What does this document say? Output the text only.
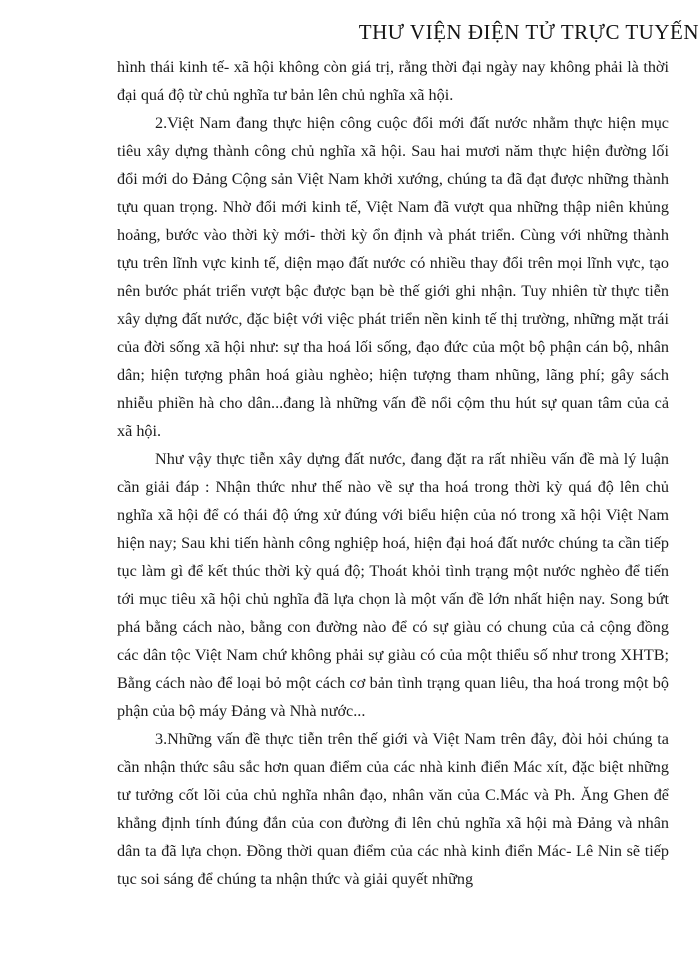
THƯ VIỆN ĐIỆN TỬ TRỰC TUYẾN

hình thái kinh tế- xã hội không còn giá trị, rằng thời đại ngày nay không phải là thời đại quá độ từ chủ nghĩa tư bản lên chủ nghĩa xã hội.

2.Việt Nam đang thực hiện công cuộc đổi mới đất nước nhằm thực hiện mục tiêu xây dựng thành công chủ nghĩa xã hội. Sau hai mươi năm thực hiện đường lối đổi mới do Đảng Cộng sản Việt Nam khởi xướng, chúng ta đã đạt được những thành tựu quan trọng. Nhờ đổi mới kinh tế, Việt Nam đã vượt qua những thập niên khủng hoảng, bước vào thời kỳ mới- thời kỳ ổn định và phát triển. Cùng với những thành tựu trên lĩnh vực kinh tế, diện mạo đất nước có nhiều thay đổi trên mọi lĩnh vực, tạo nên bước phát triển vượt bậc được bạn bè thế giới ghi nhận. Tuy nhiên từ thực tiễn xây dựng đất nước, đặc biệt với việc phát triển nền kinh tế thị trường, những mặt trái của đời sống xã hội như: sự tha hoá lối sống, đạo đức của một bộ phận cán bộ, nhân dân; hiện tượng phân hoá giàu nghèo; hiện tượng tham nhũng, lãng phí; gây sách nhiễu phiền hà cho dân...đang là những vấn đề nổi cộm thu hút sự quan tâm của cả xã hội.

Như vậy thực tiễn xây dựng đất nước, đang đặt ra rất nhiều vấn đề mà lý luận cần giải đáp : Nhận thức như thế nào về sự tha hoá trong thời kỳ quá độ lên chủ nghĩa xã hội để có thái độ ứng xử đúng với biểu hiện của nó trong xã hội Việt Nam hiện nay; Sau khi tiến hành công nghiệp hoá, hiện đại hoá đất nước chúng ta cần tiếp tục làm gì để kết thúc thời kỳ quá độ; Thoát khỏi tình trạng một nước nghèo để tiến tới mục tiêu xã hội chủ nghĩa đã lựa chọn là một vấn đề lớn nhất hiện nay. Song bứt phá bằng cách nào, bằng con đường nào để có sự giàu có chung của cả cộng đồng các dân tộc Việt Nam chứ không phải sự giàu có của một thiểu số như trong XHTB; Bằng cách nào để loại bỏ một cách cơ bản tình trạng quan liêu, tha hoá trong một bộ phận của bộ máy Đảng và Nhà nước...

3.Những vấn đề thực tiễn trên thế giới và Việt Nam trên đây, đòi hỏi chúng ta cần nhận thức sâu sắc hơn quan điểm của các nhà kinh điển Mác xít, đặc biệt những tư tưởng cốt lõi của chủ nghĩa nhân đạo, nhân văn của C.Mác và Ph. Ăng Ghen để khẳng định tính đúng đắn của con đường đi lên chủ nghĩa xã hội mà Đảng và nhân dân ta đã lựa chọn. Đồng thời quan điểm của các nhà kinh điển Mác- Lê Nin sẽ tiếp tục soi sáng để chúng ta nhận thức và giải quyết những
